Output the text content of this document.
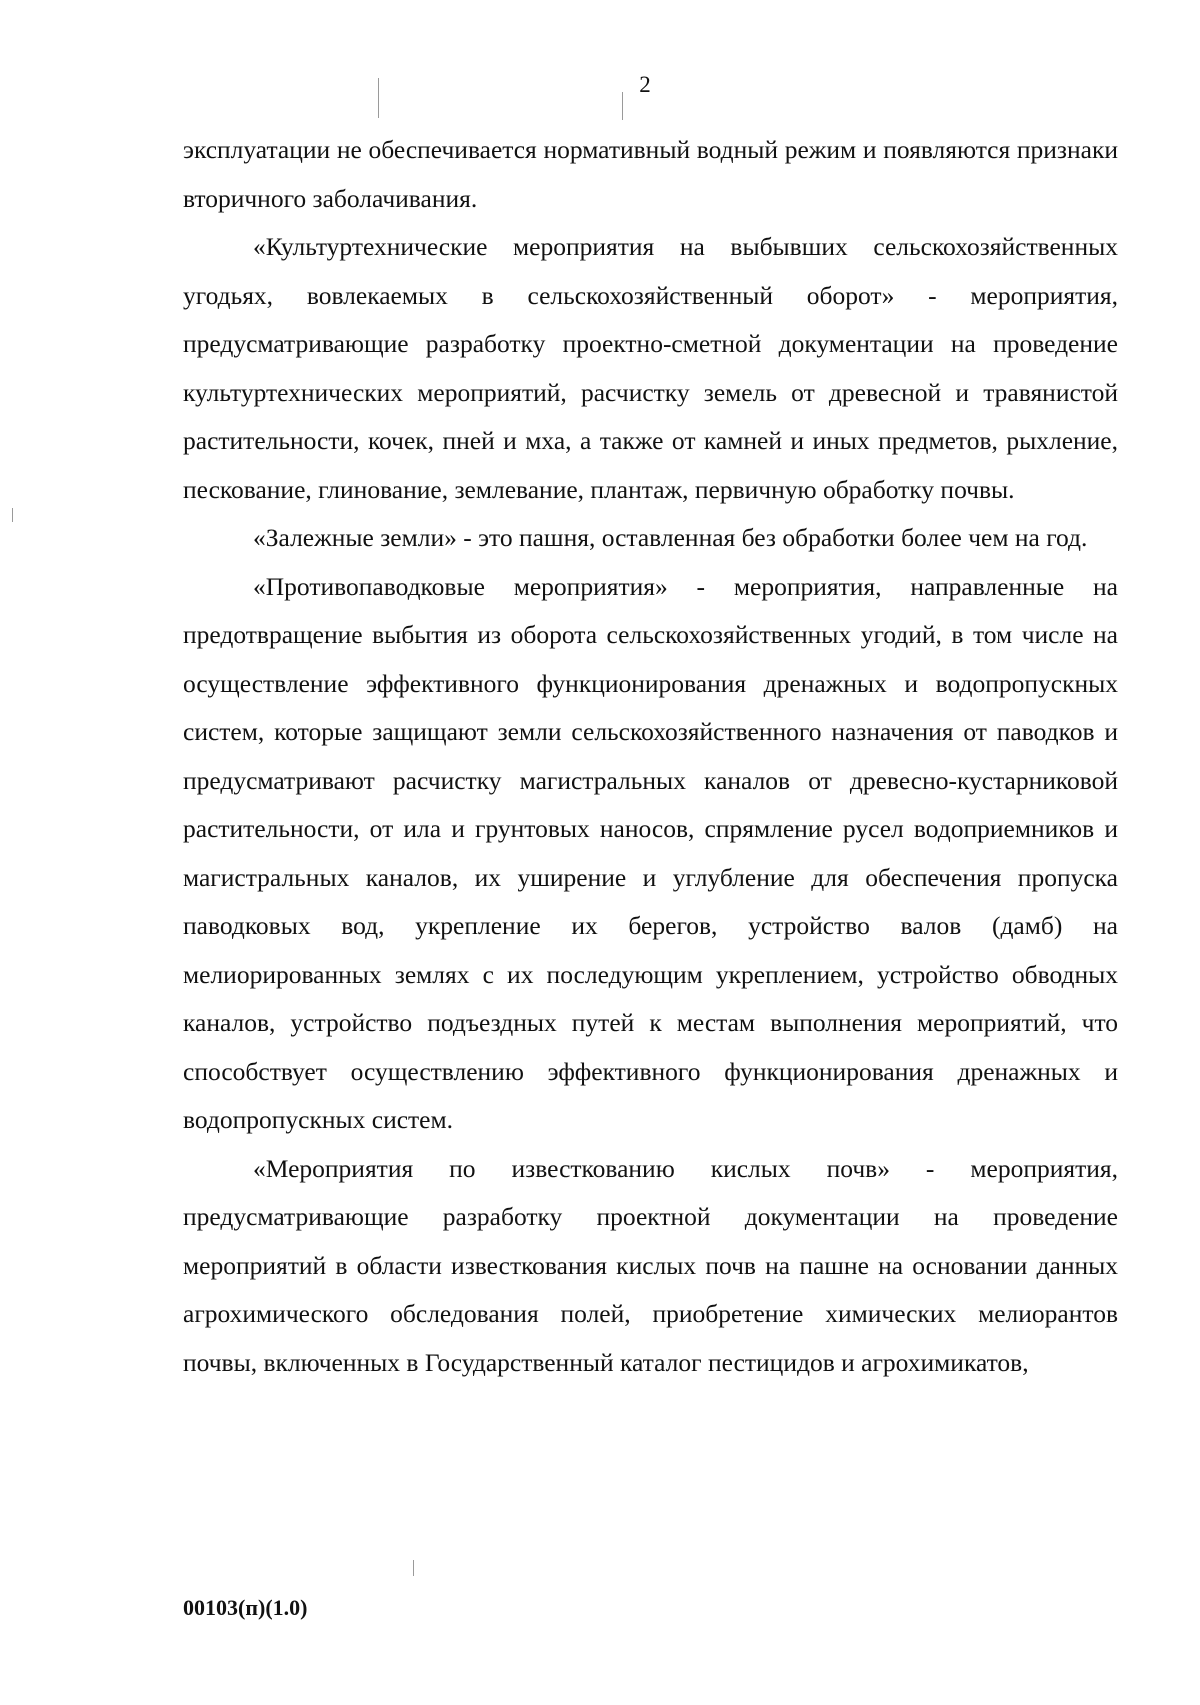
2

эксплуатации не обеспечивается нормативный водный режим и появляются признаки вторичного заболачивания.

«Культуртехнические мероприятия на выбывших сельскохозяйственных угодьях, вовлекаемых в сельскохозяйственный оборот» - мероприятия, предусматривающие разработку проектно-сметной документации на проведение культуртехнических мероприятий, расчистку земель от древесной и травянистой растительности, кочек, пней и мха, а также от камней и иных предметов, рыхление, пескование, глинование, землевание, плантаж, первичную обработку почвы.

«Залежные земли» - это пашня, оставленная без обработки более чем на год.

«Противопаводковые мероприятия» - мероприятия, направленные на предотвращение выбытия из оборота сельскохозяйственных угодий, в том числе на осуществление эффективного функционирования дренажных и водопропускных систем, которые защищают земли сельскохозяйственного назначения от паводков и предусматривают расчистку магистральных каналов от древесно-кустарниковой растительности, от ила и грунтовых наносов, спрямление русел водоприемников и магистральных каналов, их уширение и углубление для обеспечения пропуска паводковых вод, укрепление их берегов, устройство валов (дамб) на мелиорированных землях с их последующим укреплением, устройство обводных каналов, устройство подъездных путей к местам выполнения мероприятий, что способствует осуществлению эффективного функционирования дренажных и водопропускных систем.

«Мероприятия по известкованию кислых почв» - мероприятия, предусматривающие разработку проектной документации на проведение мероприятий в области известкования кислых почв на пашне на основании данных агрохимического обследования полей, приобретение химических мелиорантов почвы, включенных в Государственный каталог пестицидов и агрохимикатов,

00103(п)(1.0)
